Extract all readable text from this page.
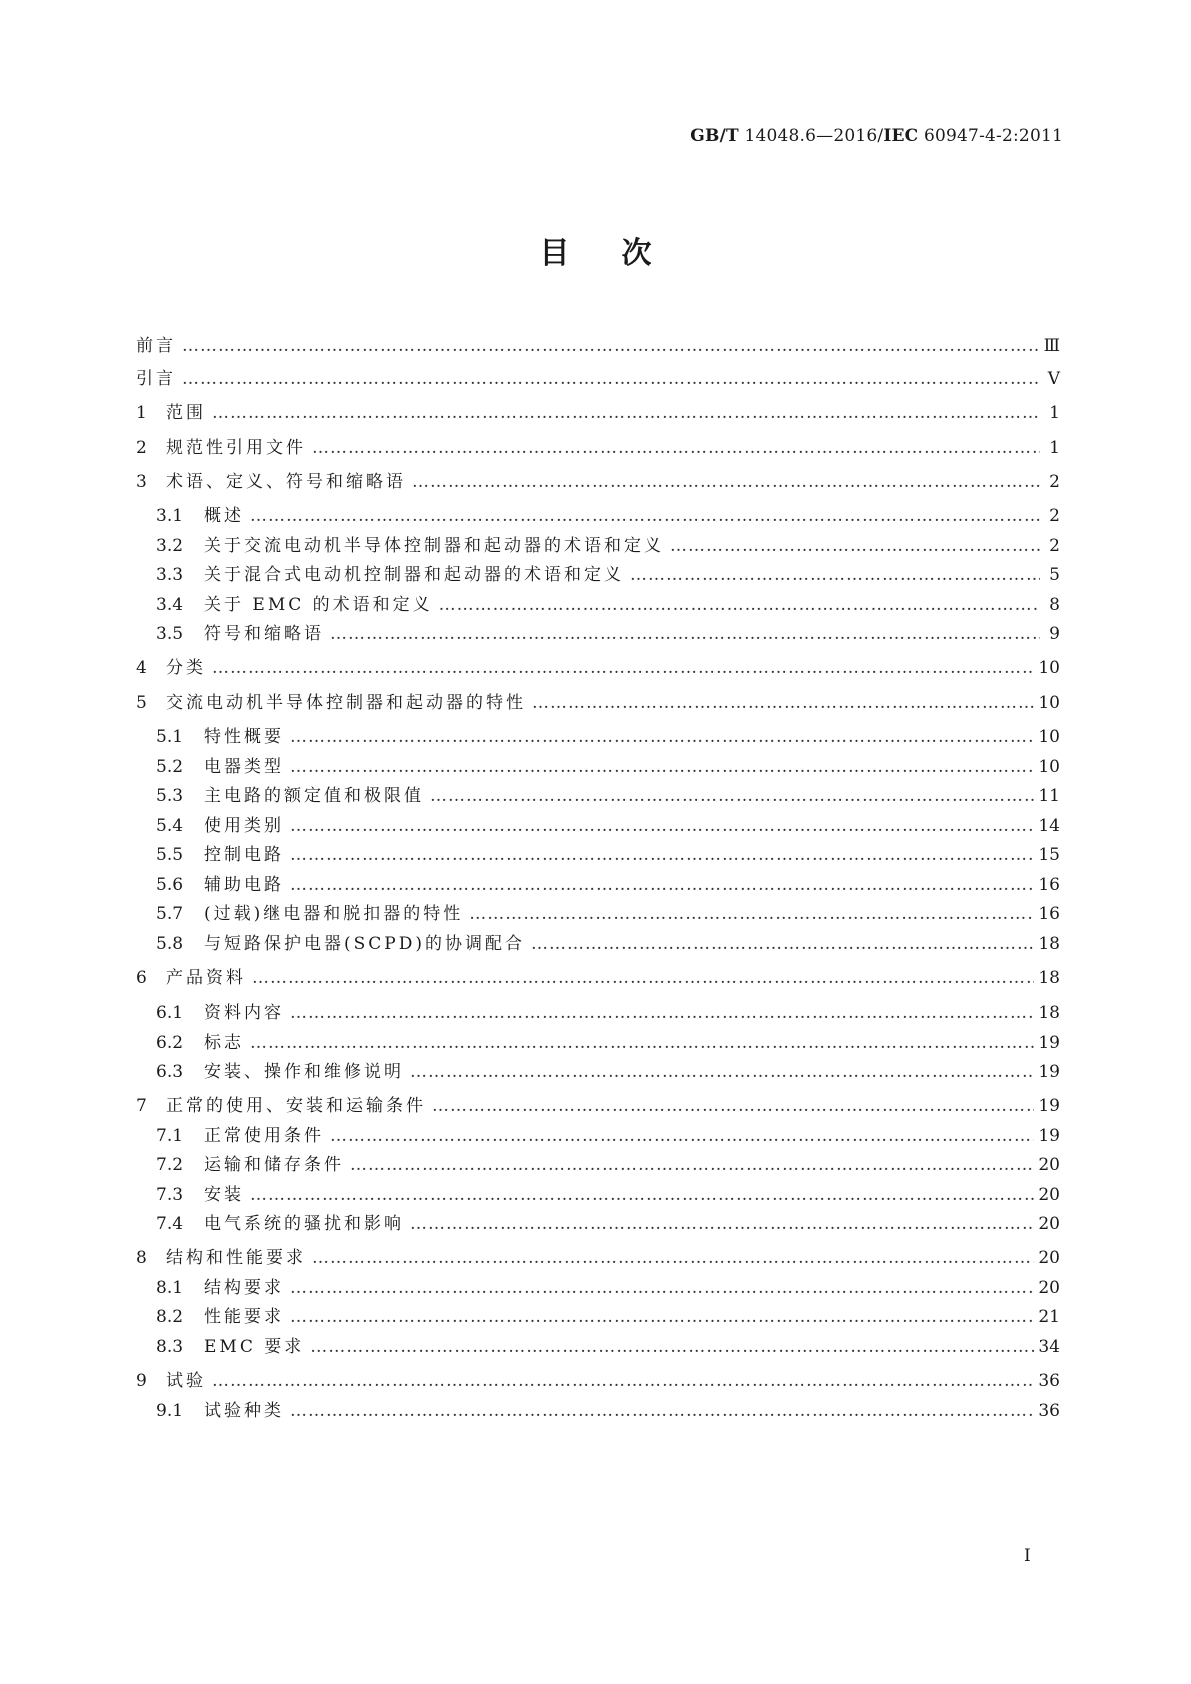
GB/T 14048.6—2016/IEC 60947-4-2:2011
目次
前言 …………………………………………………………………………………………………………………………………………………………………………………………………………	Ⅲ
引言 …………………………………………………………………………………………………………………………………………………………………………………………………………	Ⅴ
1	范围 …………………………………………………………………………………………………………………………………………………………………………………………………………	1
2	规范性引用文件 …………………………………………………………………………………………………………………………………………………………………………………………………………	1
3	术语、定义、符号和缩略语 …………………………………………………………………………………………………………………………………………………………………………………………………………	2
3.1	概述 …………………………………………………………………………………………………………………………………………………………………………………………………………	2
3.2	关于交流电动机半导体控制器和起动器的术语和定义 …………………………………………………………………………………………………………………………………………………………………………………………………………	2
3.3	关于混合式电动机控制器和起动器的术语和定义 …………………………………………………………………………………………………………………………………………………………………………………………………………	5
3.4	关于 EMC 的术语和定义 …………………………………………………………………………………………………………………………………………………………………………………………………………	8
3.5	符号和缩略语 …………………………………………………………………………………………………………………………………………………………………………………………………………	9
4	分类 …………………………………………………………………………………………………………………………………………………………………………………………………………	10
5	交流电动机半导体控制器和起动器的特性 …………………………………………………………………………………………………………………………………………………………………………………………………………	10
5.1	特性概要 …………………………………………………………………………………………………………………………………………………………………………………………………………	10
5.2	电器类型 …………………………………………………………………………………………………………………………………………………………………………………………………………	10
5.3	主电路的额定值和极限值 …………………………………………………………………………………………………………………………………………………………………………………………………………	11
5.4	使用类别 …………………………………………………………………………………………………………………………………………………………………………………………………………	14
5.5	控制电路 …………………………………………………………………………………………………………………………………………………………………………………………………………	15
5.6	辅助电路 …………………………………………………………………………………………………………………………………………………………………………………………………………	16
5.7	(过载)继电器和脱扣器的特性 …………………………………………………………………………………………………………………………………………………………………………………………………………	16
5.8	与短路保护电器(SCPD)的协调配合 …………………………………………………………………………………………………………………………………………………………………………………………………………	18
6	产品资料 …………………………………………………………………………………………………………………………………………………………………………………………………………	18
6.1	资料内容 …………………………………………………………………………………………………………………………………………………………………………………………………………	18
6.2	标志 …………………………………………………………………………………………………………………………………………………………………………………………………………	19
6.3	安装、操作和维修说明 …………………………………………………………………………………………………………………………………………………………………………………………………………	19
7	正常的使用、安装和运输条件 …………………………………………………………………………………………………………………………………………………………………………………………………………	19
7.1	正常使用条件 …………………………………………………………………………………………………………………………………………………………………………………………………………	19
7.2	运输和储存条件 …………………………………………………………………………………………………………………………………………………………………………………………………………	20
7.3	安装 …………………………………………………………………………………………………………………………………………………………………………………………………………	20
7.4	电气系统的骚扰和影响 …………………………………………………………………………………………………………………………………………………………………………………………………………	20
8	结构和性能要求 …………………………………………………………………………………………………………………………………………………………………………………………………………	20
8.1	结构要求 …………………………………………………………………………………………………………………………………………………………………………………………………………	20
8.2	性能要求 …………………………………………………………………………………………………………………………………………………………………………………………………………	21
8.3	EMC 要求 …………………………………………………………………………………………………………………………………………………………………………………………………………	34
9	试验 …………………………………………………………………………………………………………………………………………………………………………………………………………	36
9.1	试验种类 …………………………………………………………………………………………………………………………………………………………………………………………………………	36
I
